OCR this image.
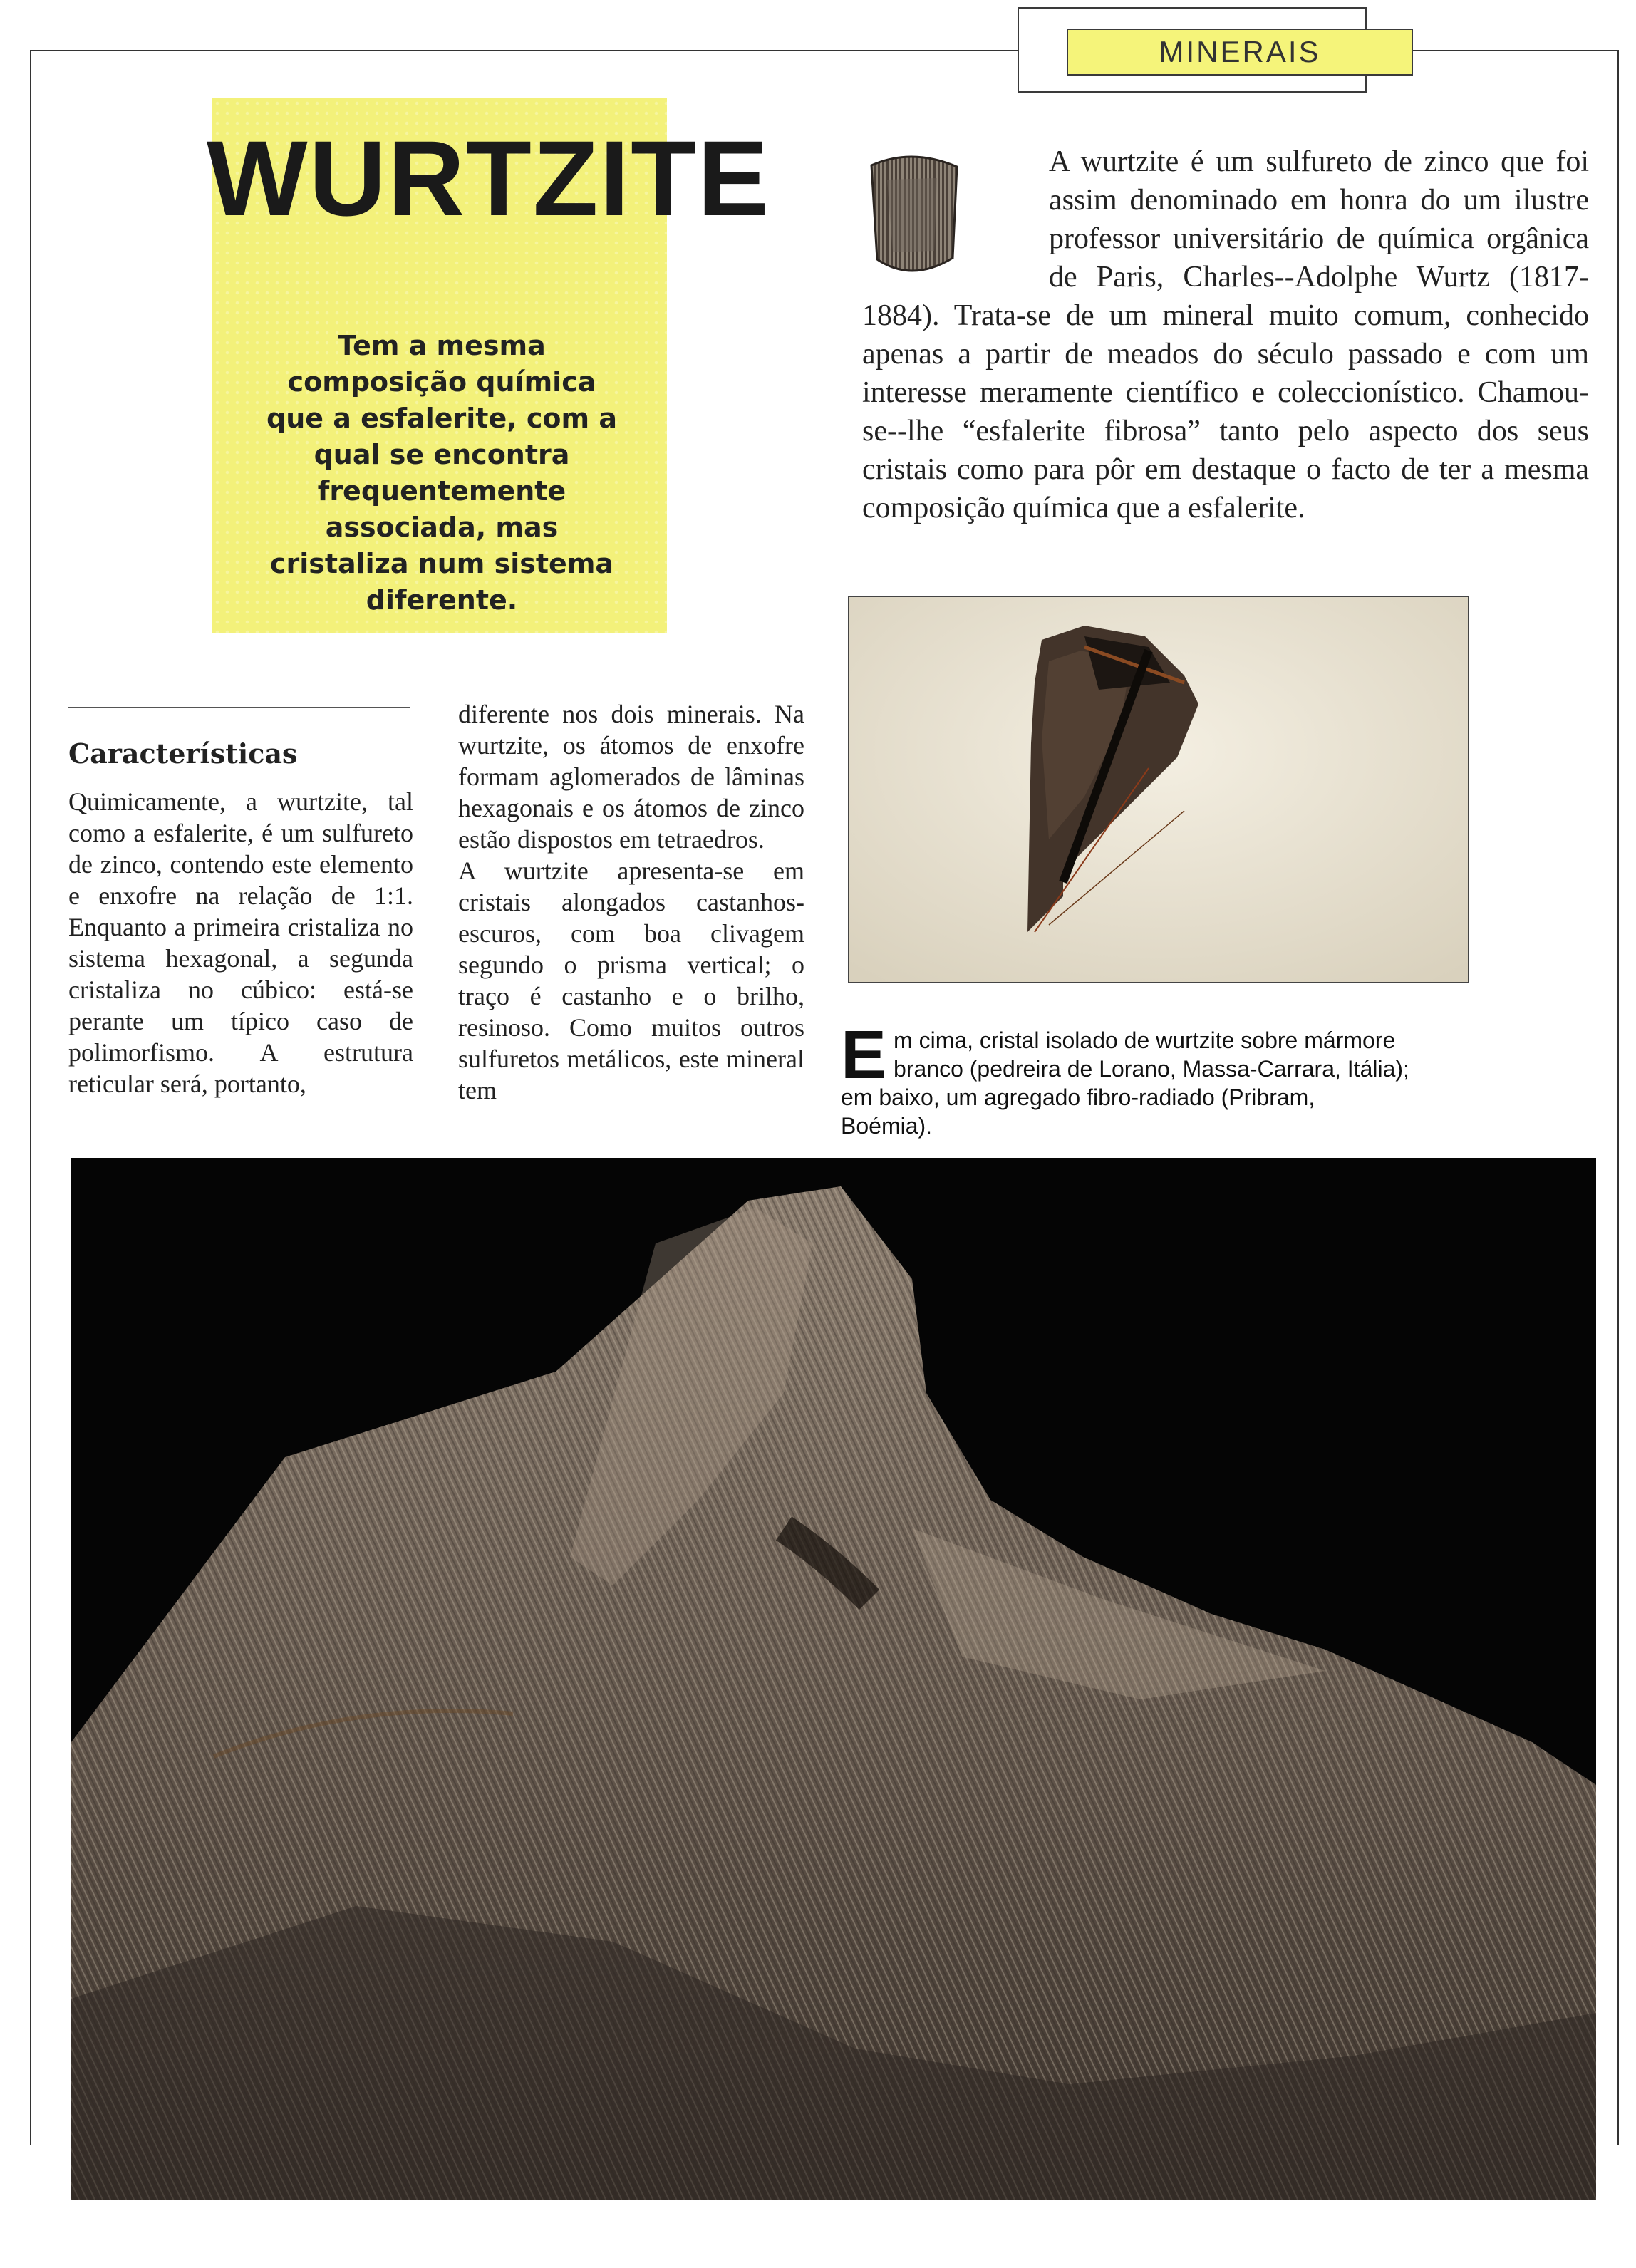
MINERAIS
WURTZITE

Tem a mesma composição química que a esfalerite, com a qual se encontra frequentemente associada, mas cristaliza num sistema diferente.

A wurtzite é um sulfureto de zinco que foi assim denominado em honra do um ilustre professor universitário de química orgânica de Paris, Charles--Adolphe Wurtz (1817-1884). Trata-se de um mineral muito comum, conhecido apenas a partir de meados do século passado e com um interesse meramente científico e coleccionístico. Chamou-se--lhe “esfalerite fibrosa” tanto pelo aspecto dos seus cristais como para pôr em destaque o facto de ter a mesma composição química que a esfalerite.

Em cima, cristal isolado de wurtzite sobre mármore branco (pedreira de Lorano, Massa-Carrara, Itália); em baixo, um agregado fibro-radiado (Pribram, Boémia).
Características

Quimicamente, a wurtzite, tal como a esfalerite, é um sulfureto de zinco, contendo este elemento e enxofre na relação de 1:1. Enquanto a primeira cristaliza no sistema hexagonal, a segunda cristaliza no cúbico: está-se perante um típico caso de polimorfismo. A estrutura reticular será, portanto,

diferente nos dois minerais. Na wurtzite, os átomos de enxofre formam aglomerados de lâminas hexagonais e os átomos de zinco estão dispostos em tetraedros.

A wurtzite apresenta-se em cristais alongados castanhos-escuros, com boa clivagem segundo o prisma vertical; o traço é castanho e o brilho, resinoso. Como muitos outros sulfuretos metálicos, este mineral tem
